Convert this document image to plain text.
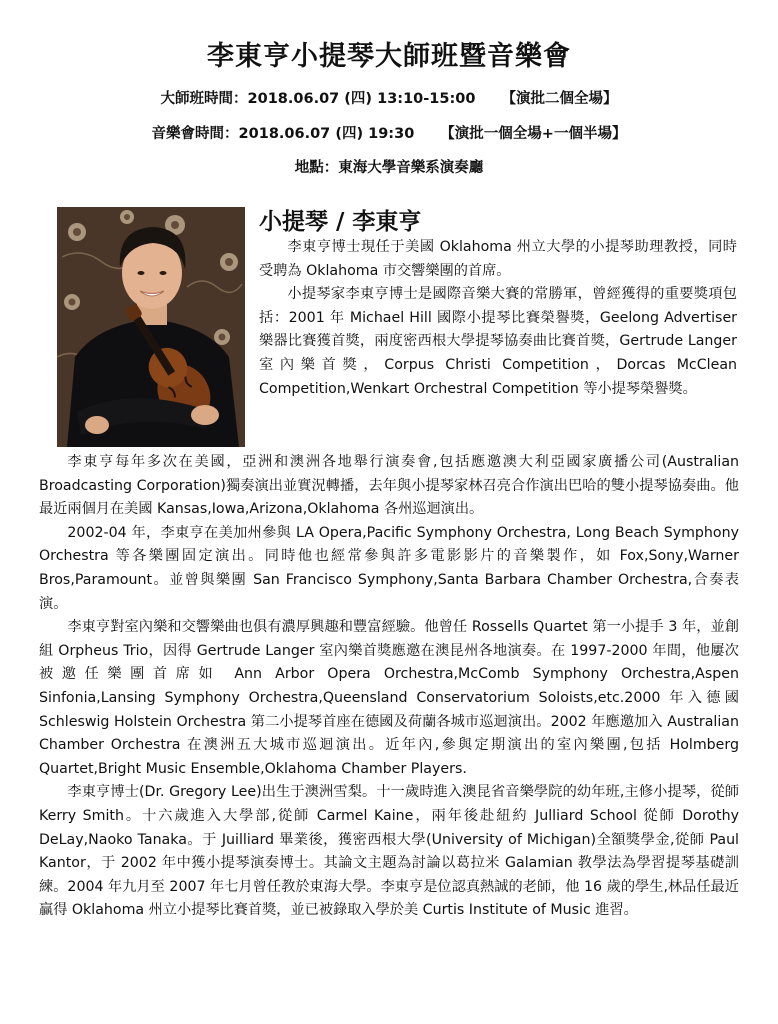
李東亨小提琴大師班暨音樂會
大師班時間：2018.06.07 (四) 13:10-15:00 【演批二個全場】
音樂會時間：2018.06.07 (四) 19:30 【演批一個全場+一個半場】
地點：東海大學音樂系演奏廳
小提琴 / 李東亨

李東亨博士現任于美國 Oklahoma 州立大學的小提琴助理教授，同時受聘為 Oklahoma 市交響樂團的首席。

小提琴家李東亨博士是國際音樂大賽的常勝軍，曾經獲得的重要獎項包括：2001 年 Michael Hill 國際小提琴比賽榮譽獎，Geelong Advertiser 樂器比賽獲首獎，兩度密西根大學提琴協奏曲比賽首獎，Gertrude Langer 室內樂首獎，Corpus Christi Competition，Dorcas McClean Competition,Wenkart Orchestral Competition 等小提琴榮譽獎。

李東亨每年多次在美國，亞洲和澳洲各地舉行演奏會,包括應邀澳大利亞國家廣播公司(Australian Broadcasting Corporation)獨奏演出並實況轉播，去年與小提琴家林召亮合作演出巴哈的雙小提琴協奏曲。他最近兩個月在美國 Kansas,Iowa,Arizona,Oklahoma 各州巡迴演出。

2002-04 年，李東亨在美加州參與 LA Opera,Pacific Symphony Orchestra, Long Beach Symphony Orchestra 等各樂團固定演出。同時他也經常參與許多電影影片的音樂製作，如 Fox,Sony,Warner Bros,Paramount。並曾與樂團 San Francisco Symphony,Santa Barbara Chamber Orchestra,合奏表演。

李東亨對室內樂和交響樂曲也俱有濃厚興趣和豐富經驗。他曾任 Rossells Quartet 第一小提手 3 年，並創組 Orpheus Trio，因得 Gertrude Langer 室內樂首獎應邀在澳昆州各地演奏。在 1997-2000 年間，他屢次被邀任樂團首席如 Ann Arbor Opera Orchestra,McComb Symphony Orchestra,Aspen Sinfonia,Lansing Symphony Orchestra,Queensland Conservatorium Soloists,etc.2000 年入德國 Schleswig Holstein Orchestra 第二小提琴首座在德國及荷蘭各城市巡迴演出。2002 年應邀加入 Australian Chamber Orchestra 在澳洲五大城市巡迴演出。近年內,參與定期演出的室內樂團,包括 Holmberg Quartet,Bright Music Ensemble,Oklahoma Chamber Players.

李東亨博士(Dr. Gregory Lee)出生于澳洲雪梨。十一歲時進入澳昆省音樂學院的幼年班,主修小提琴，從師 Kerry Smith。十六歲進入大學部,從師 Carmel Kaine，兩年後赴紐約 Julliard School 從師 Dorothy DeLay,Naoko Tanaka。于 Juilliard 畢業後，獲密西根大學(University of Michigan)全額獎學金,從師 Paul Kantor，于 2002 年中獲小提琴演奏博士。其論文主題為討論以葛拉米 Galamian 教學法為學習提琴基礎訓練。2004 年九月至 2007 年七月曾任教於東海大學。李東亨是位認真熱誠的老師，他 16 歲的學生,林品任最近贏得 Oklahoma 州立小提琴比賽首獎，並已被錄取入學於美 Curtis Institute of Music 進習。
